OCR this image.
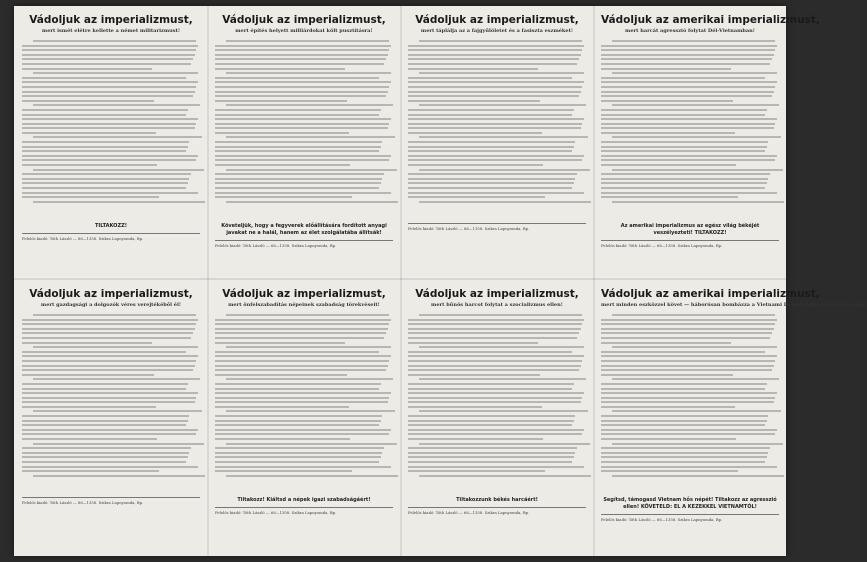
Vádoljuk az imperializmust,
mert ismét elétre kellette a német militarizmust!
TILTAKOZZ!
Felelős kiadó: Tóth László — 66—1358. Szikra Lapnyomda, Bp.
Vádoljuk az imperializmust,
mert építés helyett milliárdokat költ pusztításra!
Követeljük, hogy a fegyverek előállítására fordított anyagi javakat ne a halál, hanem az élet szolgálatába állítsák!
Felelős kiadó: Tóth László — 66—1358. Szikra Lapnyomda, Bp.
Vádoljuk az imperializmust,
mert táplálja az a fajgyűlöletet és a fasiszta eszméket!
Felelős kiadó: Tóth László — 66—1358. Szikra Lapnyomda, Bp.
Vádoljuk az amerikai imperializmust,
mert harcát agresszió folytat Dél-Vietnamban!
Az amerikai imperializmus az egész világ békéjét veszélyezteti! TILTAKOZZ!
Felelős kiadó: Tóth László — 66—1358. Szikra Lapnyomda, Bp.
Vádoljuk az imperializmust,
mert gazdagsági a dolgozók véres verejtékéből él!
Felelős kiadó: Tóth László — 66—1358. Szikra Lapnyomda, Bp.
Vádoljuk az imperializmust,
mert önfelszabadítás népeinek szabadság törekvéseit!
Tiltakozz! Kiáltsd a népek igazi szabadságáért!
Felelős kiadó: Tóth László — 66—1358. Szikra Lapnyomda, Bp.
Vádoljuk az imperializmust,
mert bűnös harcot folytat a szocializmus ellen!
Tiltakozzunk békés harcáért!
Felelős kiadó: Tóth László — 66—1358. Szikra Lapnyomda, Bp.
Vádoljuk az amerikai imperializmust,
mert minden eszközzel követ — háborúsan bombázza a Vietnami Demokratikus Köztársaságot!
Segítsd, támogasd Vietnam hős népét! Tiltakozz az agresszió ellen! KÖVETELD: EL A KEZEKKEL VIETNAMTÓL!
Felelős kiadó: Tóth László — 66—1358. Szikra Lapnyomda, Bp.
